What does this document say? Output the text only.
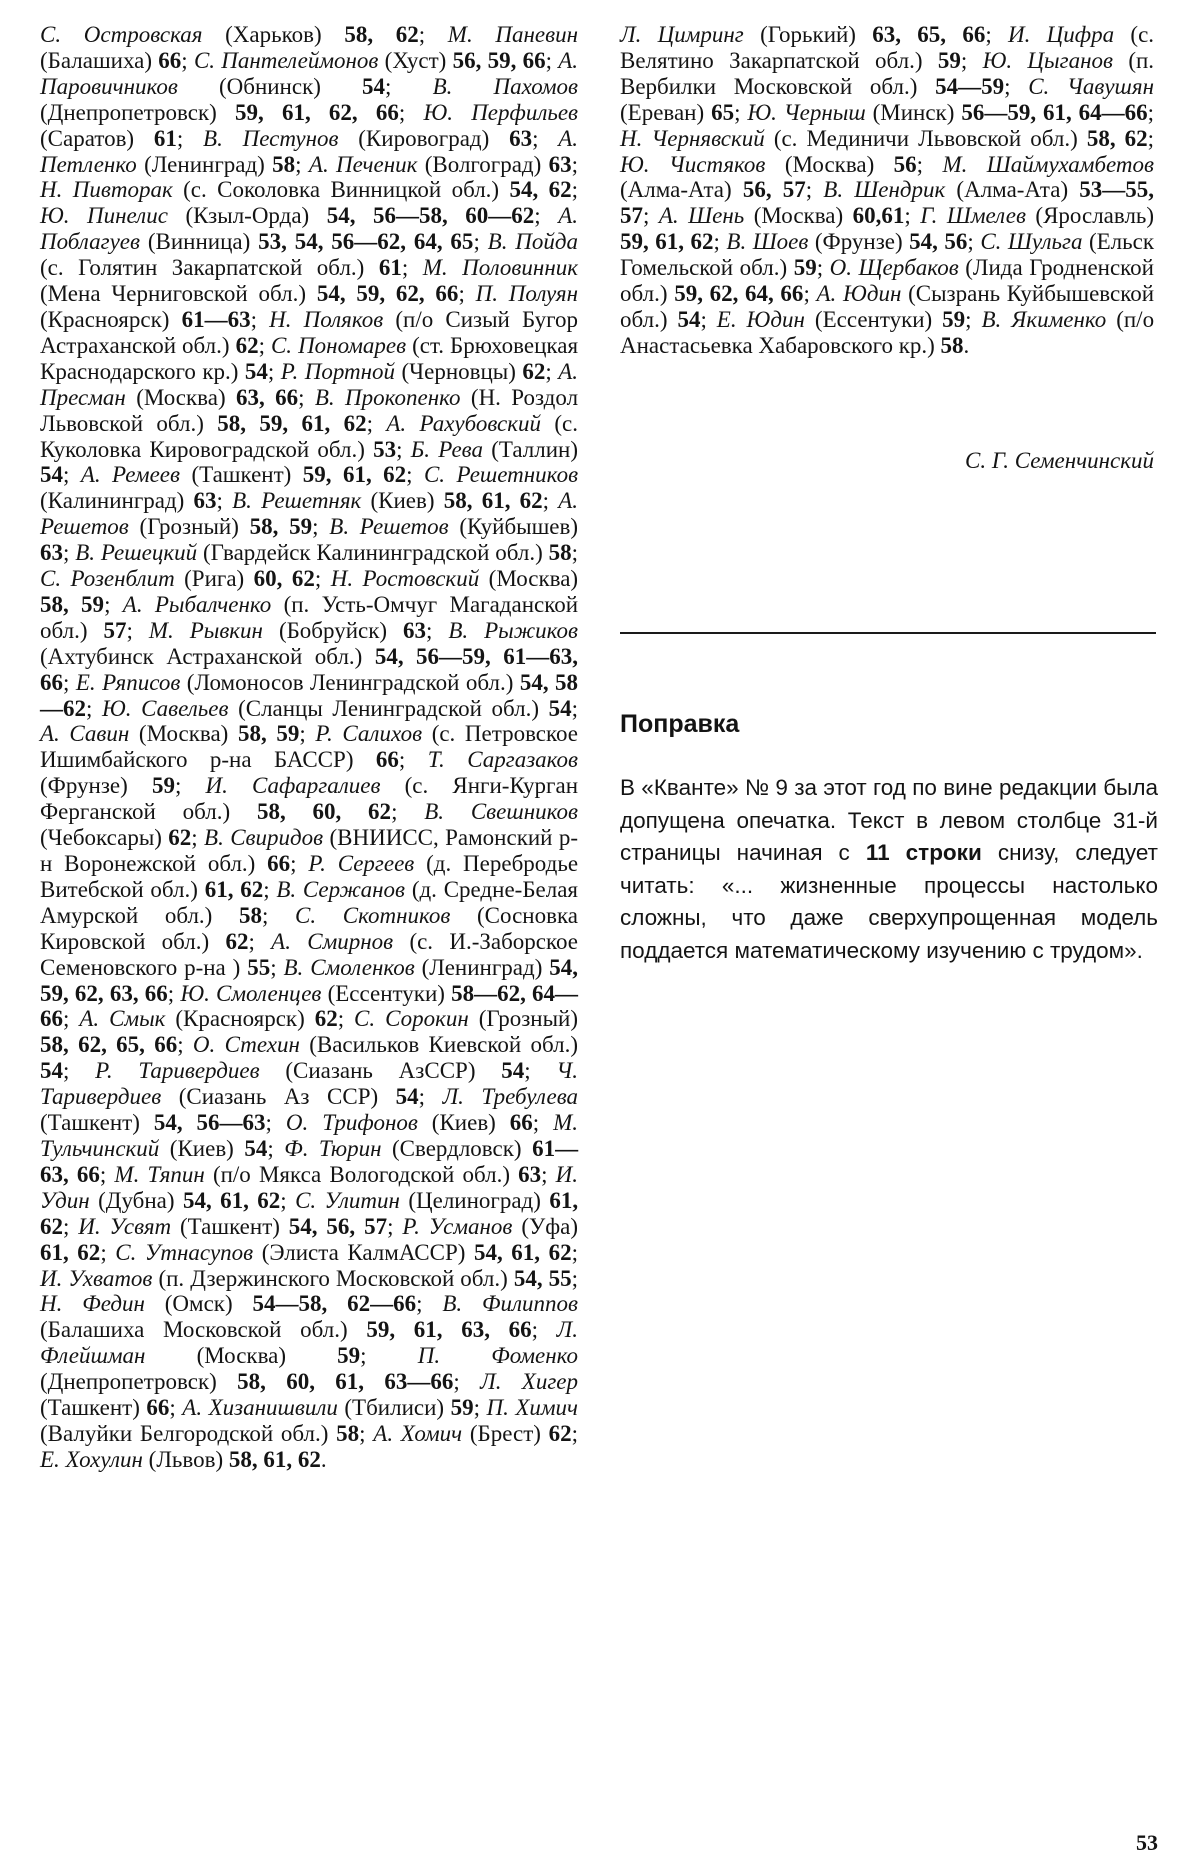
С. Островская (Харьков) 58, 62; М. Паневин (Балашиха) 66; С. Пантелеймонов (Хуст) 56, 59, 66; А. Паровичников (Обнинск) 54; В. Пахомов (Днепропетровск) 59, 61, 62, 66; Ю. Перфильев (Саратов) 61; В. Пестунов (Кировоград) 63; А. Петленко (Ленинград) 58; А. Печеник (Волгоград) 63; Н. Пивторак (с. Соколовка Винницкой обл.) 54, 62; Ю. Пинелис (Кзыл-Орда) 54, 56—58, 60—62; А. Поблагуев (Винница) 53, 54, 56—62, 64, 65; В. Пойда (с. Голятин Закарпатской обл.) 61; М. Половинник (Мена Черниговской обл.) 54, 59, 62, 66; П. Полуян (Красноярск) 61—63; Н. Поляков (п/о Сизый Бугор Астраханской обл.) 62; С. Пономарев (ст. Брюховецкая Краснодарского кр.) 54; Р. Портной (Черновцы) 62; А. Пресман (Москва) 63, 66; В. Прокопенко (Н. Роздол Львовской обл.) 58, 59, 61, 62; А. Рахубовский (с. Куколовка Кировоградской обл.) 53; Б. Рева (Таллин) 54; А. Ремеев (Ташкент) 59, 61, 62; С. Решетников (Калининград) 63; В. Решетняк (Киев) 58, 61, 62; А. Решетов (Грозный) 58, 59; В. Решетов (Куйбышев) 63; В. Решецкий (Гвардейск Калининградской обл.) 58; С. Розенблит (Рига) 60, 62; Н. Ростовский (Москва) 58, 59; А. Рыбалченко (п. Усть-Омчуг Магаданской обл.) 57; М. Рывкин (Бобруйск) 63; В. Рыжиков (Ахтубинск Астраханской обл.) 54, 56—59, 61—63, 66; Е. Ряписов (Ломоносов Ленинградской обл.) 54, 58—62; Ю. Савельев (Сланцы Ленинградской обл.) 54; А. Савин (Москва) 58, 59; Р. Салихов (с. Петровское Ишимбайского р-на БАССР) 66; Т. Саргазаков (Фрунзе) 59; И. Сафаргалиев (с. Янги-Курган Ферганской обл.) 58, 60, 62; В. Свешников (Чебоксары) 62; В. Свиридов (ВНИИСС, Рамонский р-н Воронежской обл.) 66; Р. Сергеев (д. Перебродье Витебской обл.) 61, 62; В. Сержанов (д. Средне-Белая Амурской обл.) 58; С. Скотников (Сосновка Кировской обл.) 62; А. Смирнов (с. И.-Заборское Семеновского р-на ) 55; В. Смоленков (Ленинград) 54, 59, 62, 63, 66; Ю. Смоленцев (Ессентуки) 58—62, 64—66; А. Смык (Красноярск) 62; С. Сорокин (Грозный) 58, 62, 65, 66; О. Стехин (Васильков Киевской обл.) 54; Р. Таривердиев (Сиазань АзССР) 54; Ч. Таривердиев (Сиазань Аз ССР) 54; Л. Требулева (Ташкент) 54, 56—63; О. Трифонов (Киев) 66; М. Тульчинский (Киев) 54; Ф. Тюрин (Свердловск) 61—63, 66; М. Тяпин (п/о Мякса Вологодской обл.) 63; И. Удин (Дубна) 54, 61, 62; С. Улитин (Целиноград) 61, 62; И. Усвят (Ташкент) 54, 56, 57; Р. Усманов (Уфа) 61, 62; С. Утнасупов (Элиста КалмАССР) 54, 61, 62; И. Ухватов (п. Дзержинского Московской обл.) 54, 55; Н. Федин (Омск) 54—58, 62—66; В. Филиппов (Балашиха Московской обл.) 59, 61, 63, 66; Л. Флейшман (Москва) 59; П. Фоменко (Днепропетровск) 58, 60, 61, 63—66; Л. Хигер (Ташкент) 66; А. Хизанишвили (Тбилиси) 59; П. Химич (Валуйки Белгородской обл.) 58; А. Хомич (Брест) 62; Е. Хохулин (Львов) 58, 61, 62.
Л. Цимринг (Горький) 63, 65, 66; И. Цифра (с. Велятино Закарпатской обл.) 59; Ю. Цыганов (п. Вербилки Московской обл.) 54—59; С. Чавушян (Ереван) 65; Ю. Черныш (Минск) 56—59, 61, 64—66; Н. Чернявский (с. Мединичи Львовской обл.) 58, 62; Ю. Чистяков (Москва) 56; М. Шаймухамбетов (Алма-Ата) 56, 57; В. Шендрик (Алма-Ата) 53—55, 57; А. Шень (Москва) 60,61; Г. Шмелев (Ярославль) 59, 61, 62; В. Шоев (Фрунзе) 54, 56; С. Шульга (Ельск Гомельской обл.) 59; О. Щербаков (Лида Гродненской обл.) 59, 62, 64, 66; А. Юдин (Сызрань Куйбышевской обл.) 54; Е. Юдин (Ессентуки) 59; В. Якименко (п/о Анастасьевка Хабаровского кр.) 58.
С. Г. Семенчинский
Поправка
В «Кванте» № 9 за этот год по вине редакции была допущена опечатка. Текст в левом столбце 31-й страницы начиная с 11 строки снизу, следует читать: «... жизненные процессы настолько сложны, что даже сверхупрощенная модель поддается математическому изучению с трудом».
53
